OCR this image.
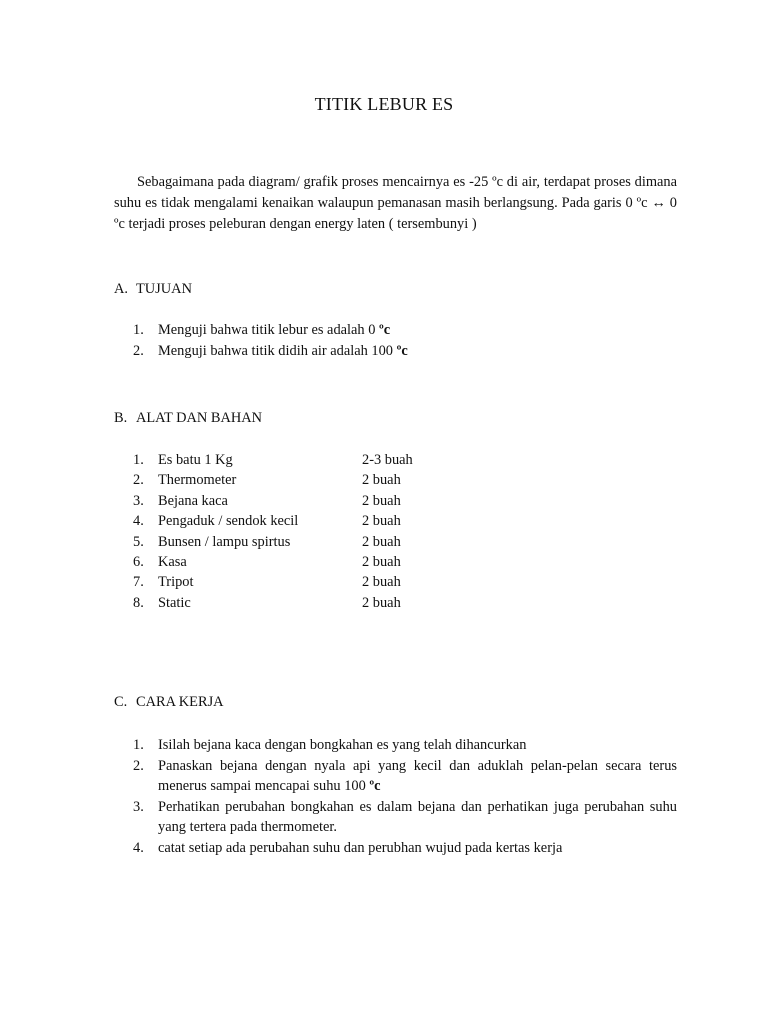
TITIK LEBUR ES

Sebagaimana pada diagram/ grafik proses mencairnya es -25 ºc di air, terdapat proses dimana suhu es tidak mengalami kenaikan walaupun pemanasan masih berlangsung. Pada garis 0 ºc ↔ 0 ºc terjadi proses peleburan dengan energy laten ( tersembunyi )

A. TUJUAN
1. Menguji bahwa titik lebur es adalah 0 ºc
2. Menguji bahwa titik didih air adalah 100 ºc
B. ALAT DAN BAHAN
1. Es batu 1 Kg	2-3 buah
2. Thermometer	2 buah
3. Bejana kaca	2 buah
4. Pengaduk / sendok kecil	2 buah
5. Bunsen / lampu spirtus	2 buah
6. Kasa	2 buah
7. Tripot	2 buah
8. Static	2 buah
C. CARA KERJA
1. Isilah bejana kaca dengan bongkahan es yang telah dihancurkan
2. Panaskan bejana dengan nyala api yang kecil dan aduklah pelan-pelan secara terus menerus sampai mencapai suhu 100 ºc
3. Perhatikan perubahan bongkahan es dalam bejana dan perhatikan juga perubahan suhu yang tertera pada thermometer.
4. catat setiap ada perubahan suhu dan perubhan wujud pada kertas kerja
